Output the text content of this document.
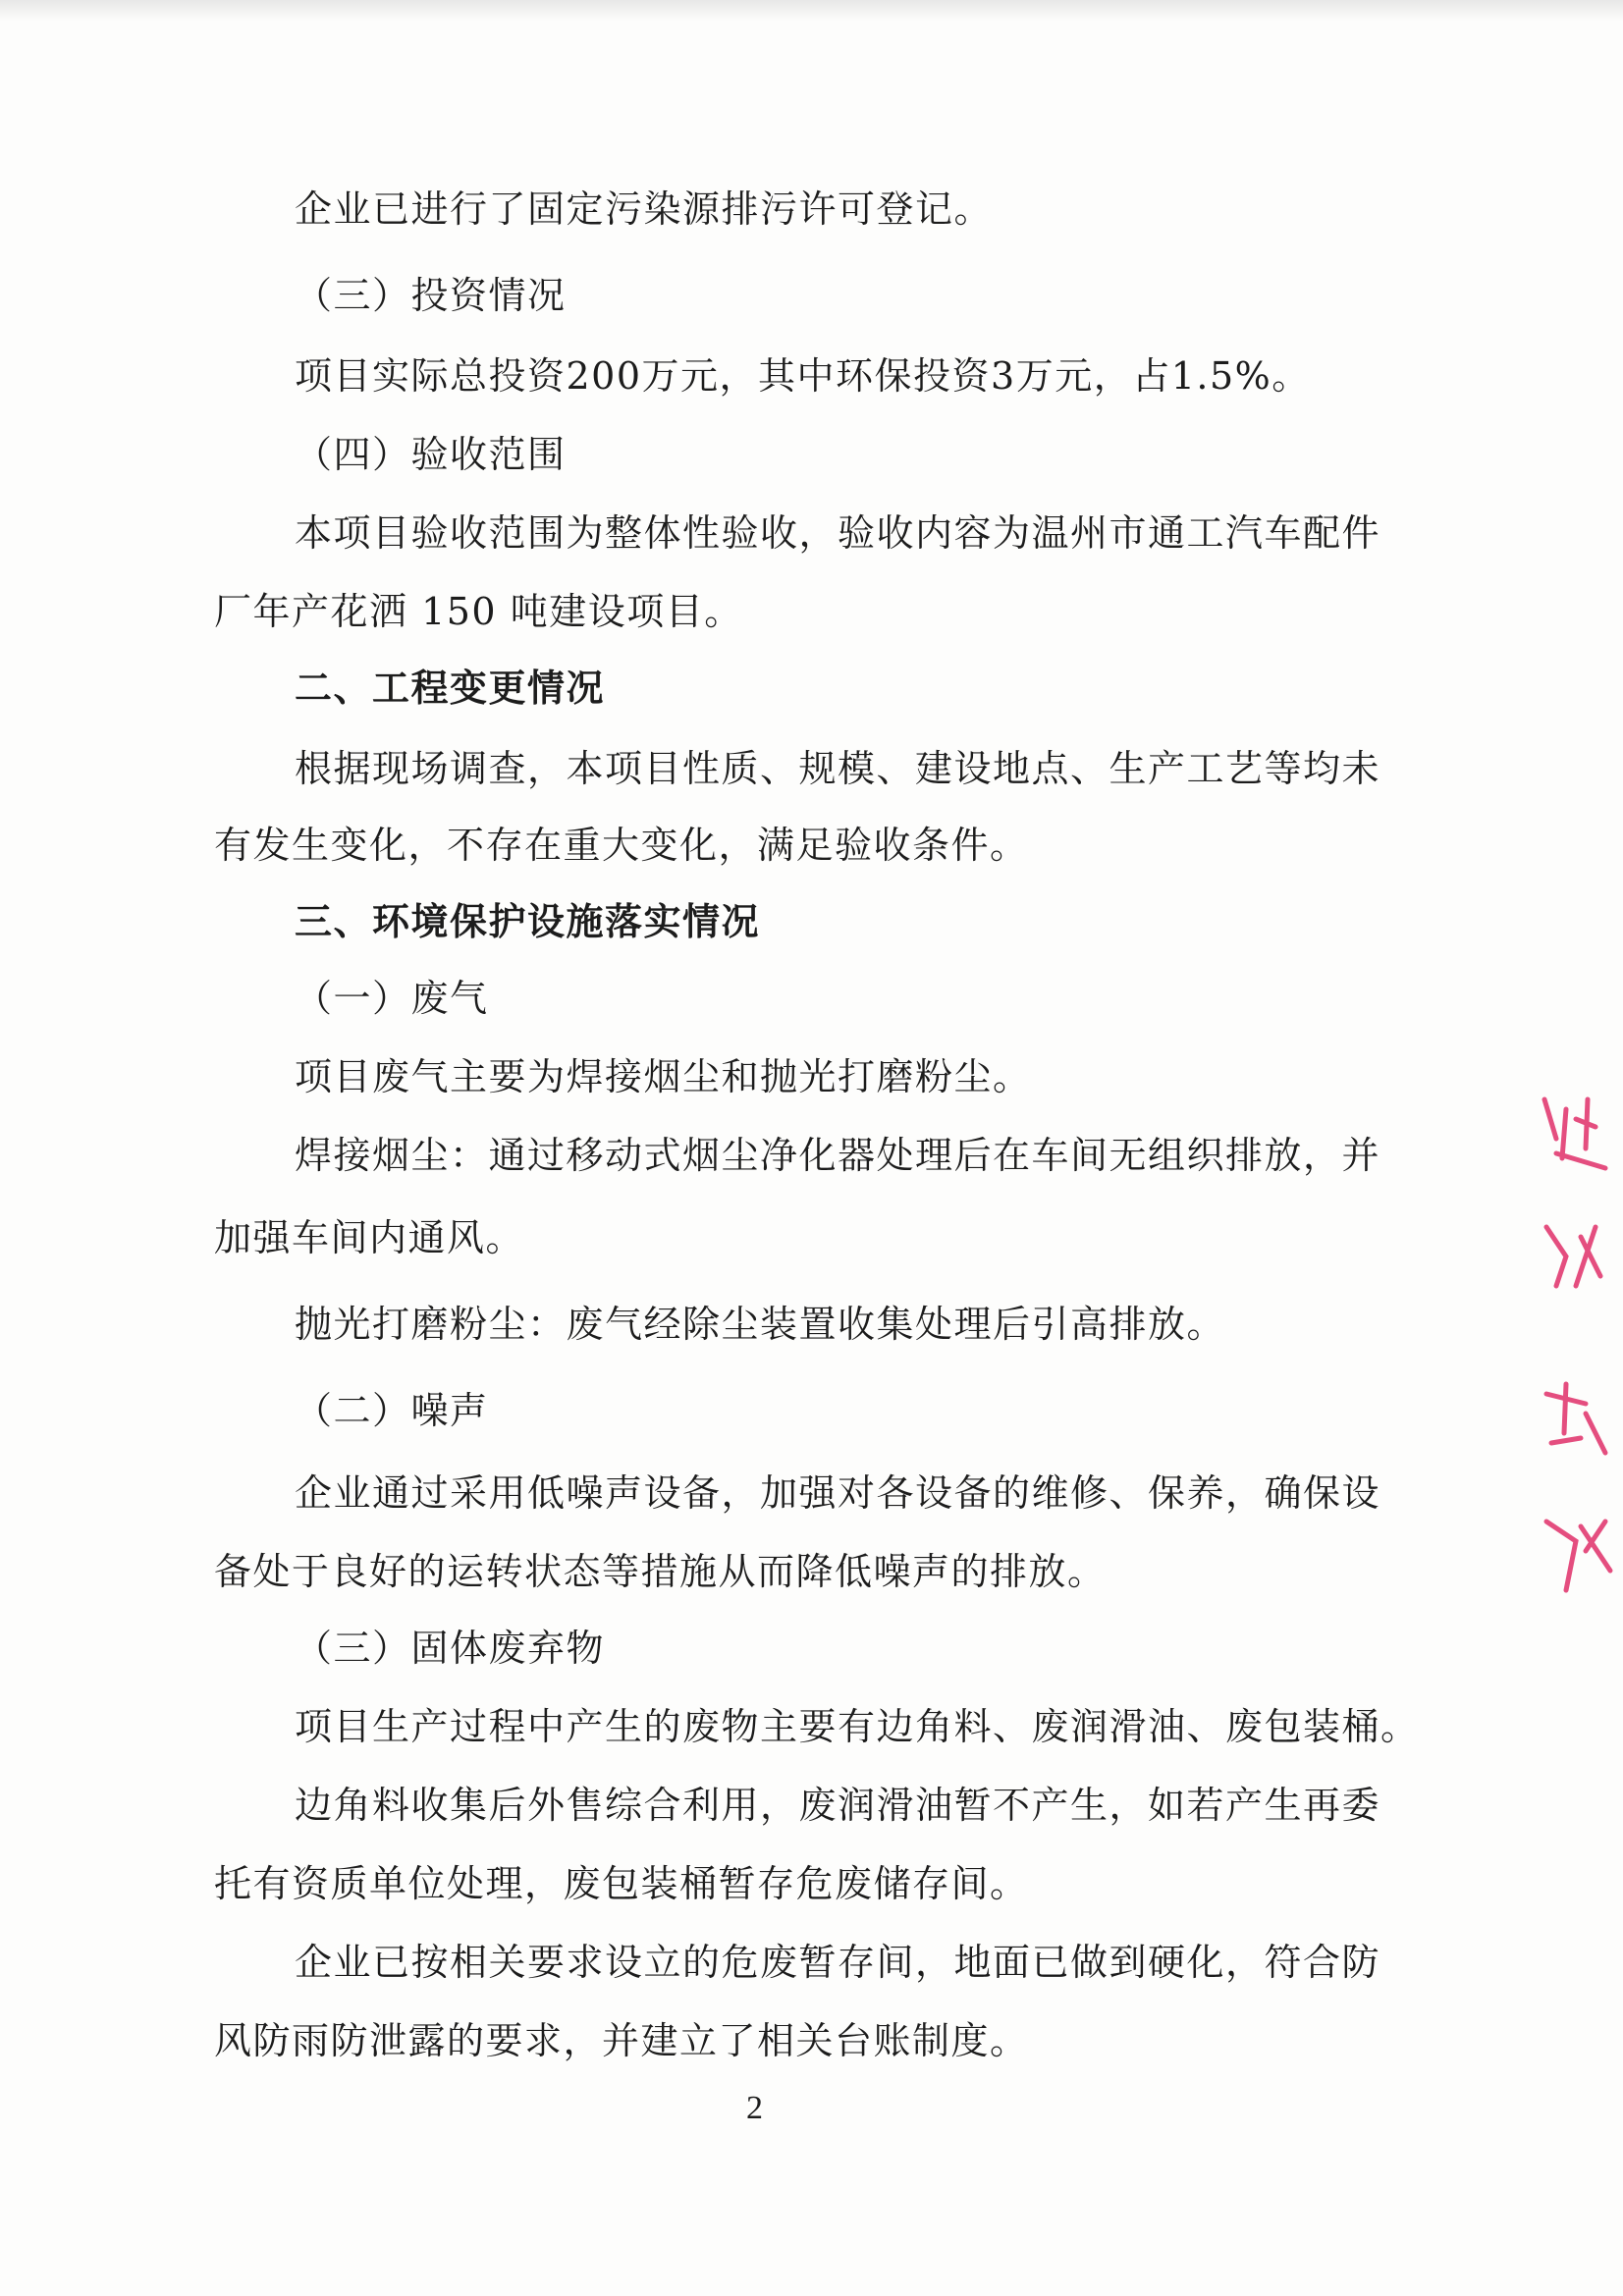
企业已进行了固定污染源排污许可登记。
（三）投资情况
项目实际总投资200万元，其中环保投资3万元，占1.5%。
（四）验收范围
本项目验收范围为整体性验收，验收内容为温州市通工汽车配件
厂年产花洒 150 吨建设项目。
二、工程变更情况
根据现场调查，本项目性质、规模、建设地点、生产工艺等均未
有发生变化，不存在重大变化，满足验收条件。
三、环境保护设施落实情况
（一）废气
项目废气主要为焊接烟尘和抛光打磨粉尘。
焊接烟尘：通过移动式烟尘净化器处理后在车间无组织排放，并
加强车间内通风。
抛光打磨粉尘：废气经除尘装置收集处理后引高排放。
（二）噪声
企业通过采用低噪声设备，加强对各设备的维修、保养，确保设
备处于良好的运转状态等措施从而降低噪声的排放。
（三）固体废弃物
项目生产过程中产生的废物主要有边角料、废润滑油、废包装桶。
边角料收集后外售综合利用，废润滑油暂不产生，如若产生再委
托有资质单位处理，废包装桶暂存危废储存间。
企业已按相关要求设立的危废暂存间，地面已做到硬化，符合防
风防雨防泄露的要求，并建立了相关台账制度。
2
